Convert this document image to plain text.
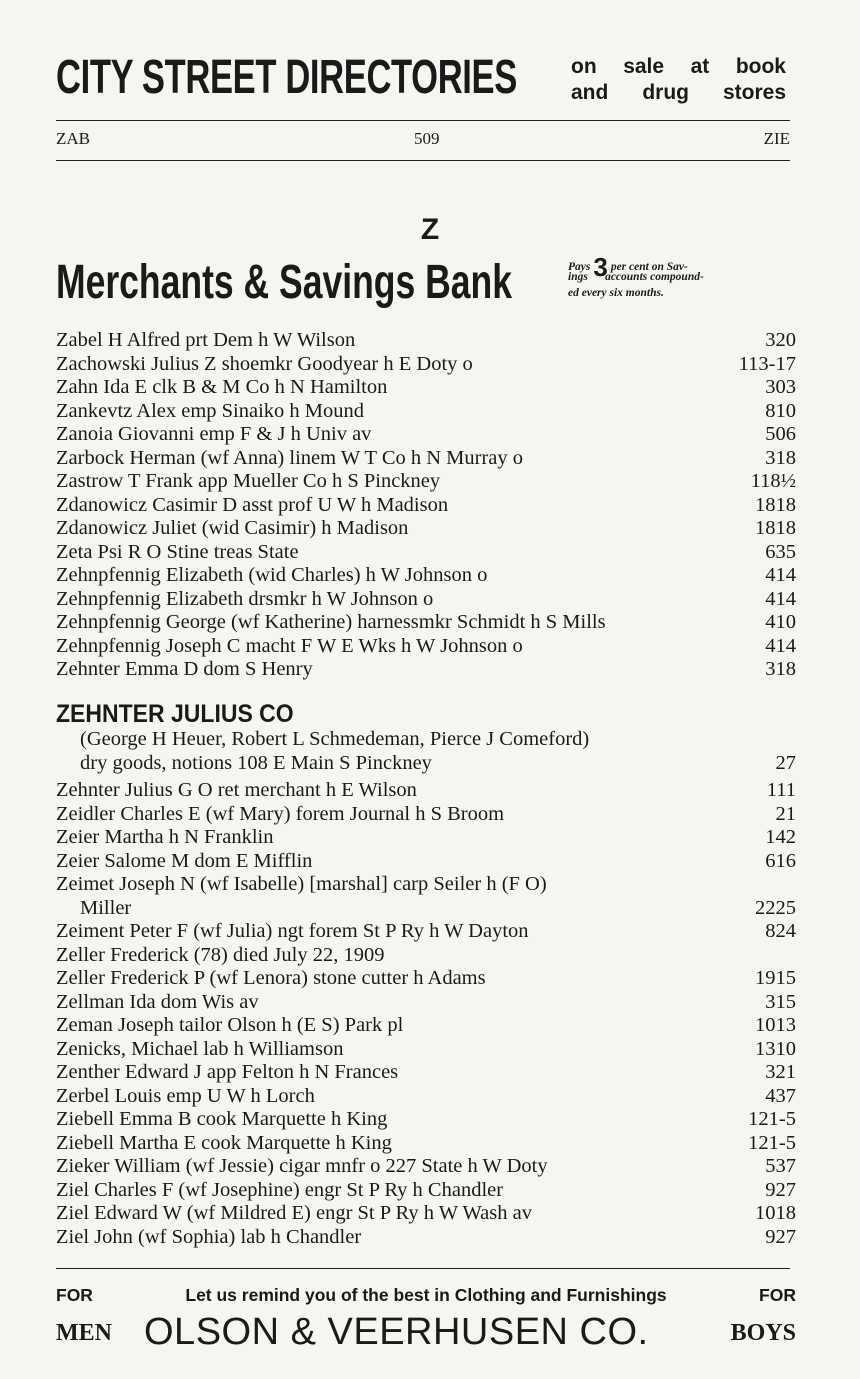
CITY STREET DIRECTORIES	on sale at book
and drug stores
ZAB	509	ZIE
Z
Merchants & Savings Bank	Pays 3 per cent on Sav-
ings accounts compound-
ed every six months.
Zabel H Alfred prt Dem h W Wilson	320
Zachowski Julius Z shoemkr Goodyear h E Doty o	113-17
Zahn Ida E clk B & M Co h N Hamilton	303
Zankevtz Alex emp Sinaiko h Mound	810
Zanoia Giovanni emp F & J h Univ av	506
Zarbock Herman (wf Anna) linem W T Co h N Murray o	318
Zastrow T Frank app Mueller Co h S Pinckney	118½
Zdanowicz Casimir D asst prof U W h Madison	1818
Zdanowicz Juliet (wid Casimir) h Madison	1818
Zeta Psi R O Stine treas State	635
Zehnpfennig Elizabeth (wid Charles) h W Johnson o	414
Zehnpfennig Elizabeth drsmkr h W Johnson o	414
Zehnpfennig George (wf Katherine) harnessmkr Schmidt h S Mills	410
Zehnpfennig Joseph C macht F W E Wks h W Johnson o	414
Zehnter Emma D dom S Henry	318
ZEHNTER JULIUS CO
(George H Heuer, Robert L Schmedeman, Pierce J Comeford)
dry goods, notions 108 E Main S Pinckney	27
Zehnter Julius G O ret merchant h E Wilson	111
Zeidler Charles E (wf Mary) forem Journal h S Broom	21
Zeier Martha h N Franklin	142
Zeier Salome M dom E Mifflin	616
Zeimet Joseph N (wf Isabelle) [marshal] carp Seiler h (F O)
Miller	2225
Zeiment Peter F (wf Julia) ngt forem St P Ry h W Dayton	824
Zeller Frederick (78) died July 22, 1909
Zeller Frederick P (wf Lenora) stone cutter h Adams	1915
Zellman Ida dom Wis av	315
Zeman Joseph tailor Olson h (E S) Park pl	1013
Zenicks, Michael lab h Williamson	1310
Zenther Edward J app Felton h N Frances	321
Zerbel Louis emp U W h Lorch	437
Ziebell Emma B cook Marquette h King	121-5
Ziebell Martha E cook Marquette h King	121-5
Zieker William (wf Jessie) cigar mnfr o 227 State h W Doty	537
Ziel Charles F (wf Josephine) engr St P Ry h Chandler	927
Ziel Edward W (wf Mildred E) engr St P Ry h W Wash av	1018
Ziel John (wf Sophia) lab h Chandler	927
FOR	Let us remind you of the best in Clothing and Furnishings	FOR
MEN OLSON & VEERHUSEN CO.	BOYS
